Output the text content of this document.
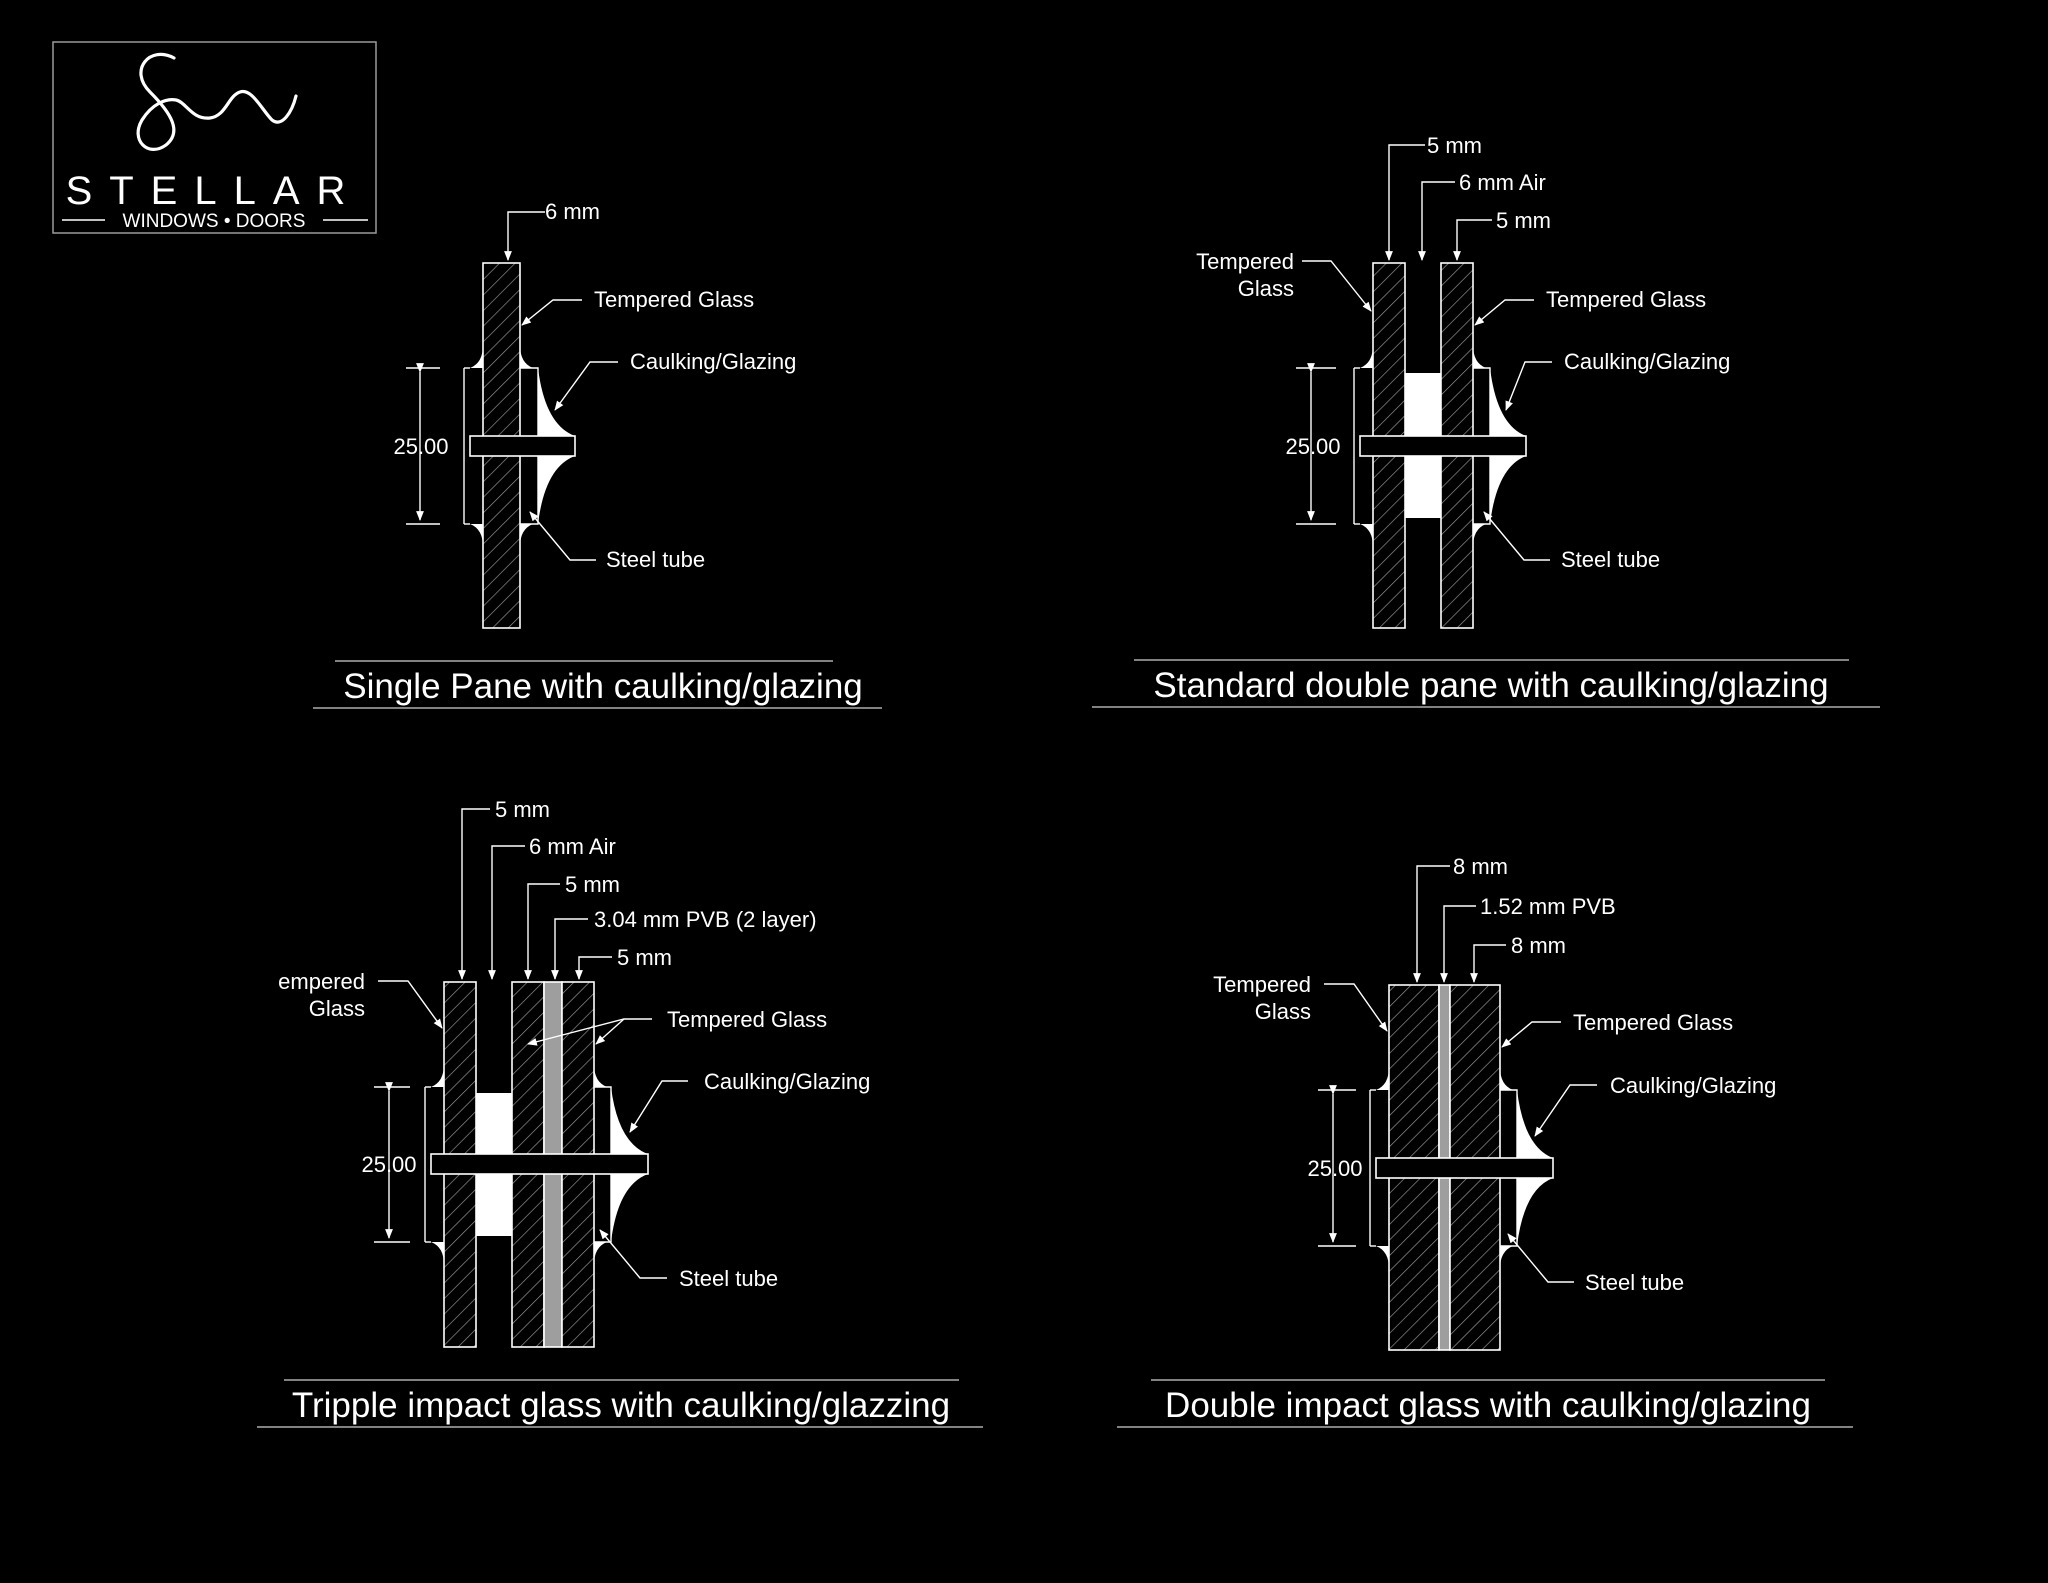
STELLAR
WINDOWS • DOORS
25.00
6 mm
Tempered Glass
Caulking/Glazing
Steel tube
Single Pane with caulking/glazing
25.00
5 mm
6 mm Air
5 mm
Tempered
Glass	Tempered Glass
Caulking/Glazing
Steel tube
Standard double pane with caulking/glazing
25.00
5 mm
6 mm Air
5 mm
3.04 mm PVB (2 layer)
5 mm
empered
Glass	Tempered Glass
Caulking/Glazing
Steel tube
Tripple impact glass with caulking/glazzing
25.00
8 mm
1.52 mm PVB
8 mm
Tempered
Glass	Tempered Glass
Caulking/Glazing
Steel tube
Double impact glass with caulking/glazing
